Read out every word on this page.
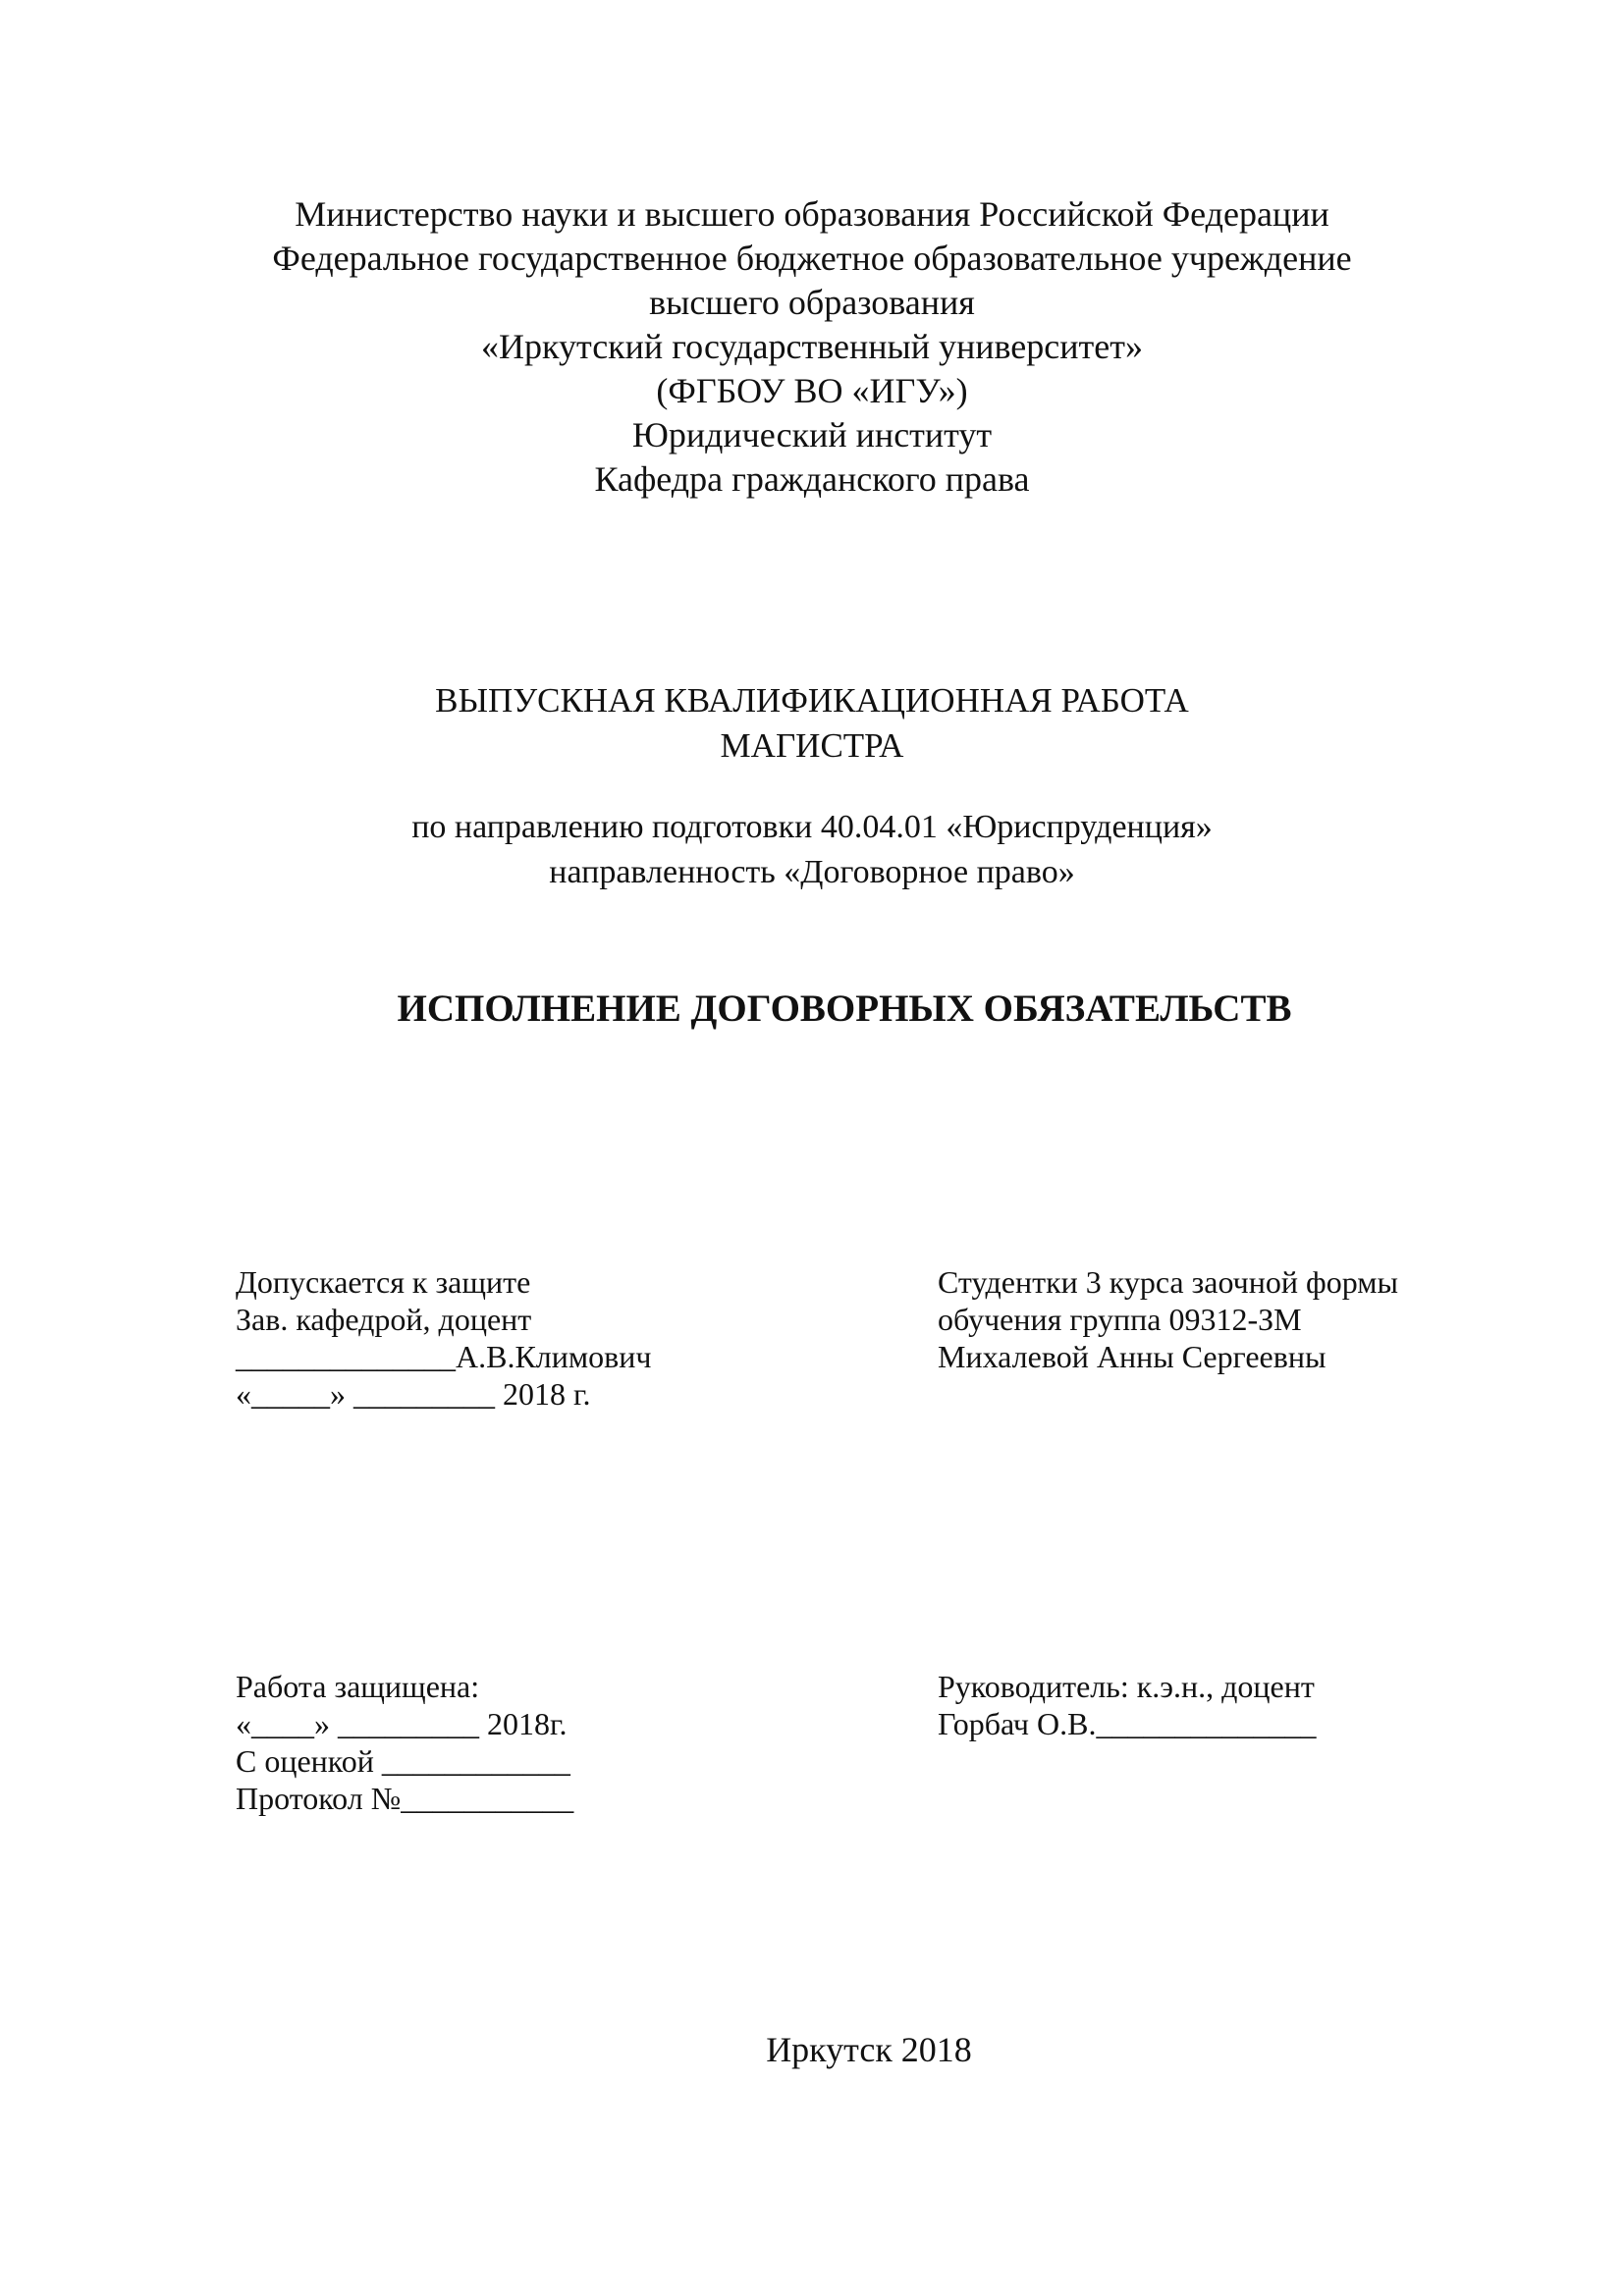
Министерство науки и высшего образования Российской Федерации
Федеральное государственное бюджетное образовательное учреждение
высшего образования
«Иркутский государственный университет»
(ФГБОУ ВО «ИГУ»)
Юридический институт
Кафедра гражданского права
ВЫПУСКНАЯ КВАЛИФИКАЦИОННАЯ РАБОТА
МАГИСТРА
по направлению подготовки 40.04.01 «Юриспруденция»
направленность «Договорное право»
ИСПОЛНЕНИЕ ДОГОВОРНЫХ ОБЯЗАТЕЛЬСТВ
Допускается к защите
Зав. кафедрой, доцент
______________А.В.Климович
«_____» _________ 2018 г.
Студентки 3 курса заочной формы
обучения группа 09312-ЗМ
Михалевой Анны Сергеевны
Работа защищена:
«____» _________ 2018г.
С оценкой ____________
Протокол №___________
Руководитель: к.э.н., доцент
Горбач О.В.______________
Иркутск 2018
